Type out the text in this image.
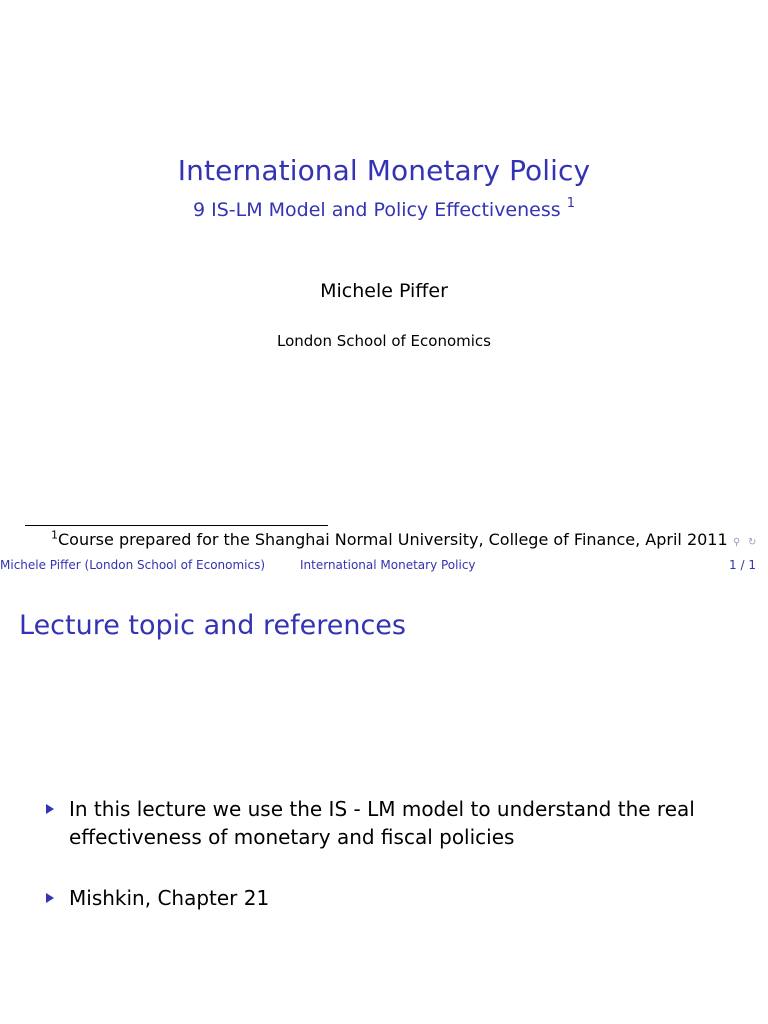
International Monetary Policy
9 IS-LM Model and Policy Effectiveness $^1$
Michele Piffer
London School of Economics
$^1$Course prepared for the Shanghai Normal University, College of Finance, April 2011 ⚲ ↻
Michele Piffer (London School of Economics)	International Monetary Policy	1 / 1
Lecture topic and references
In this lecture we use the IS - LM model to understand the real effectiveness of monetary and fiscal policies
Mishkin, Chapter 21
